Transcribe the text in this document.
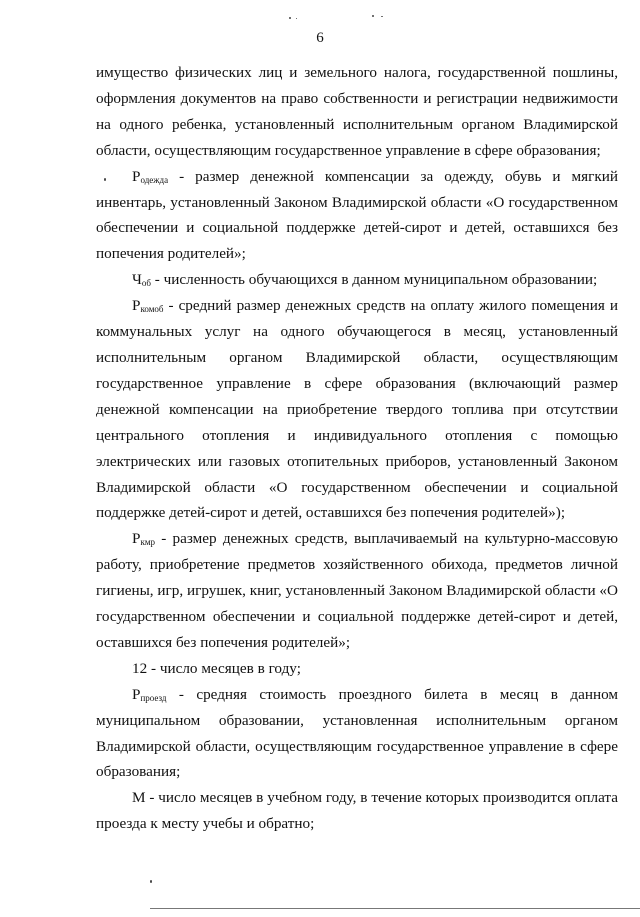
6

имущество физических лиц и земельного налога, государственной пошлины, оформления документов на право собственности и регистрации недвижимости на одного ребенка, установленный исполнительным органом Владимирской области, осуществляющим государственное управление в сфере образования;

$P_{одежда}$ - размер денежной компенсации за одежду, обувь и мягкий инвентарь, установленный Законом Владимирской области «О государственном обеспечении и социальной поддержке детей-сирот и детей, оставшихся без попечения родителей»;

$Ч_{об}$ - численность обучающихся в данном муниципальном образовании;

$P_{комоб}$ - средний размер денежных средств на оплату жилого помещения и коммунальных услуг на одного обучающегося в месяц, установленный исполнительным органом Владимирской области, осуществляющим государственное управление в сфере образования (включающий размер денежной компенсации на приобретение твердого топлива при отсутствии центрального отопления и индивидуального отопления с помощью электрических или газовых отопительных приборов, установленный Законом Владимирской области «О государственном обеспечении и социальной поддержке детей-сирот и детей, оставшихся без попечения родителей»);

$P_{кмр}$ - размер денежных средств, выплачиваемый на культурно-массовую работу, приобретение предметов хозяйственного обихода, предметов личной гигиены, игр, игрушек, книг, установленный Законом Владимирской области «О государственном обеспечении и социальной поддержке детей-сирот и детей, оставшихся без попечения родителей»;

12 - число месяцев в году;

$P_{проезд}$ - средняя стоимость проездного билета в месяц в данном муниципальном образовании, установленная исполнительным органом Владимирской области, осуществляющим государственное управление в сфере образования;

М - число месяцев в учебном году, в течение которых производится оплата проезда к месту учебы и обратно;
